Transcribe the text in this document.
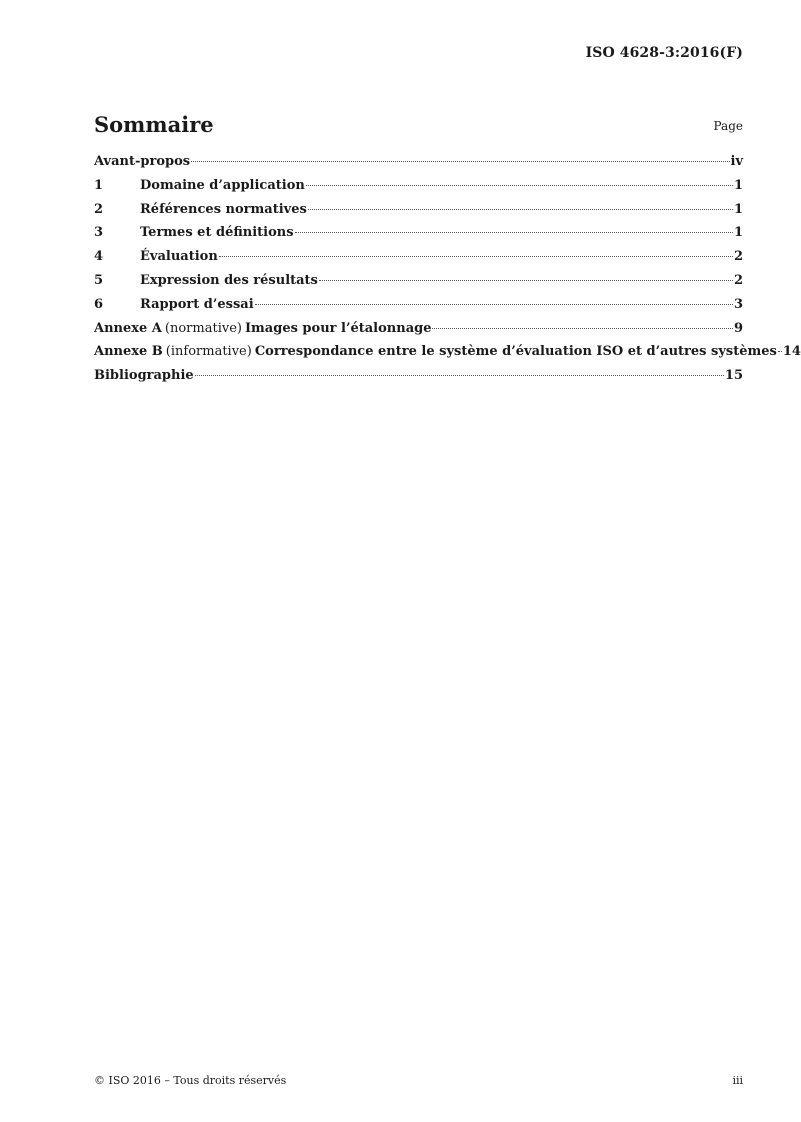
ISO 4628-3:2016(F)
Sommaire	Page
Avant-propos	iv
1	Domaine d’application	1
2	Références normatives	1
3	Termes et définitions	1
4	Évaluation	2
5	Expression des résultats	2
6	Rapport d’essai	3
Annexe A (normative) Images pour l’étalonnage	9
Annexe B (informative) Correspondance entre le système d’évaluation ISO et d’autres systèmes 14
Bibliographie	15
© ISO 2016 – Tous droits réservés	iii
